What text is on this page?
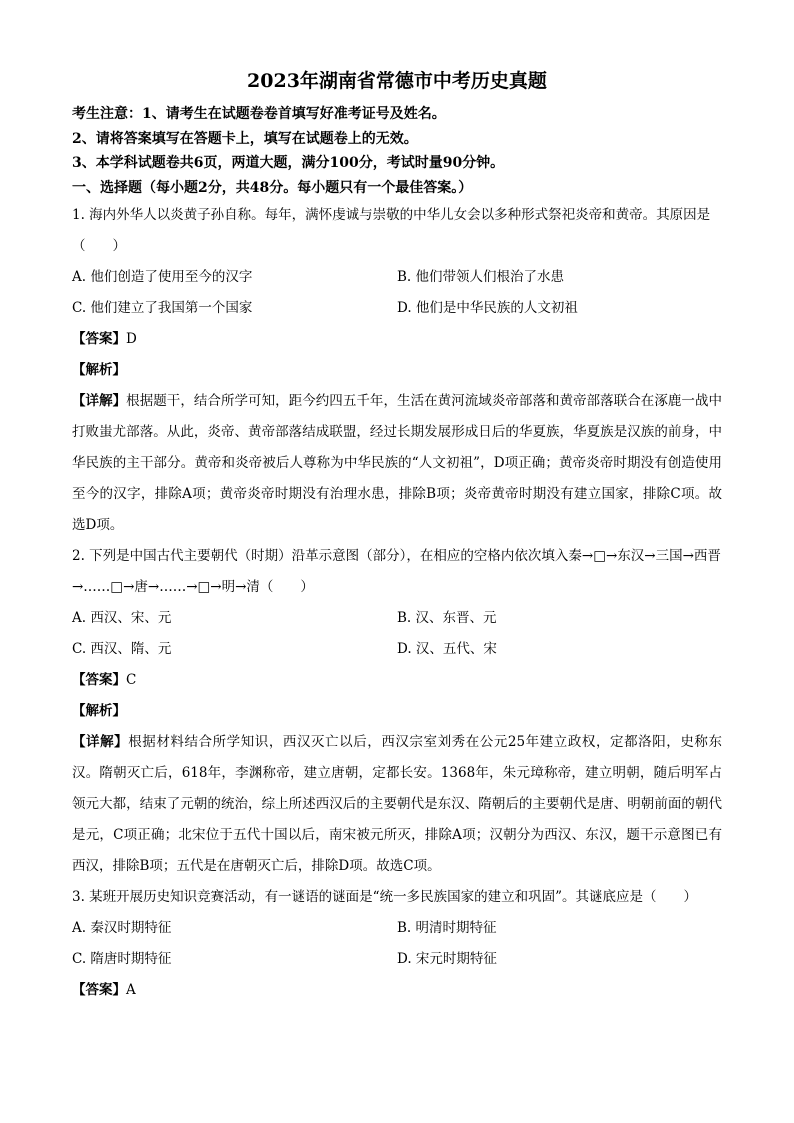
2023年湖南省常德市中考历史真题
考生注意：1、请考生在试题卷卷首填写好准考证号及姓名。
2、请将答案填写在答题卡上，填写在试题卷上的无效。
3、本学科试题卷共6页，两道大题，满分100分，考试时量90分钟。
一、选择题（每小题2分，共48分。每小题只有一个最佳答案。）
1. 海内外华人以炎黄子孙自称。每年，满怀虔诚与崇敬的中华儿女会以多种形式祭祀炎帝和黄帝。其原因是（　　）
A. 他们创造了使用至今的汉字	B. 他们带领人们根治了水患
C. 他们建立了我国第一个国家	D. 他们是中华民族的人文初祖
【答案】D
【解析】
【详解】根据题干，结合所学可知，距今约四五千年，生活在黄河流域炎帝部落和黄帝部落联合在涿鹿一战中打败蚩尤部落。从此，炎帝、黄帝部落结成联盟，经过长期发展形成日后的华夏族，华夏族是汉族的前身，中华民族的主干部分。黄帝和炎帝被后人尊称为中华民族的“人文初祖”，D项正确；黄帝炎帝时期没有创造使用至今的汉字，排除A项；黄帝炎帝时期没有治理水患，排除B项；炎帝黄帝时期没有建立国家，排除C项。故选D项。
2. 下列是中国古代主要朝代（时期）沿革示意图（部分），在相应的空格内依次填入秦→□→东汉→三国→西晋→……□→唐→……→□→明→清（　　）
A. 西汉、宋、元	B. 汉、东晋、元
C. 西汉、隋、元	D. 汉、五代、宋
【答案】C
【解析】
【详解】根据材料结合所学知识，西汉灭亡以后，西汉宗室刘秀在公元25年建立政权，定都洛阳，史称东汉。隋朝灭亡后，618年，李渊称帝，建立唐朝，定都长安。1368年，朱元璋称帝，建立明朝，随后明军占领元大都，结束了元朝的统治，综上所述西汉后的主要朝代是东汉、隋朝后的主要朝代是唐、明朝前面的朝代是元，C项正确；北宋位于五代十国以后，南宋被元所灭，排除A项；汉朝分为西汉、东汉，题干示意图已有西汉，排除B项；五代是在唐朝灭亡后，排除D项。故选C项。
3. 某班开展历史知识竞赛活动，有一谜语的谜面是“统一多民族国家的建立和巩固”。其谜底应是（　　）
A. 秦汉时期特征	B. 明清时期特征
C. 隋唐时期特征	D. 宋元时期特征
【答案】A
